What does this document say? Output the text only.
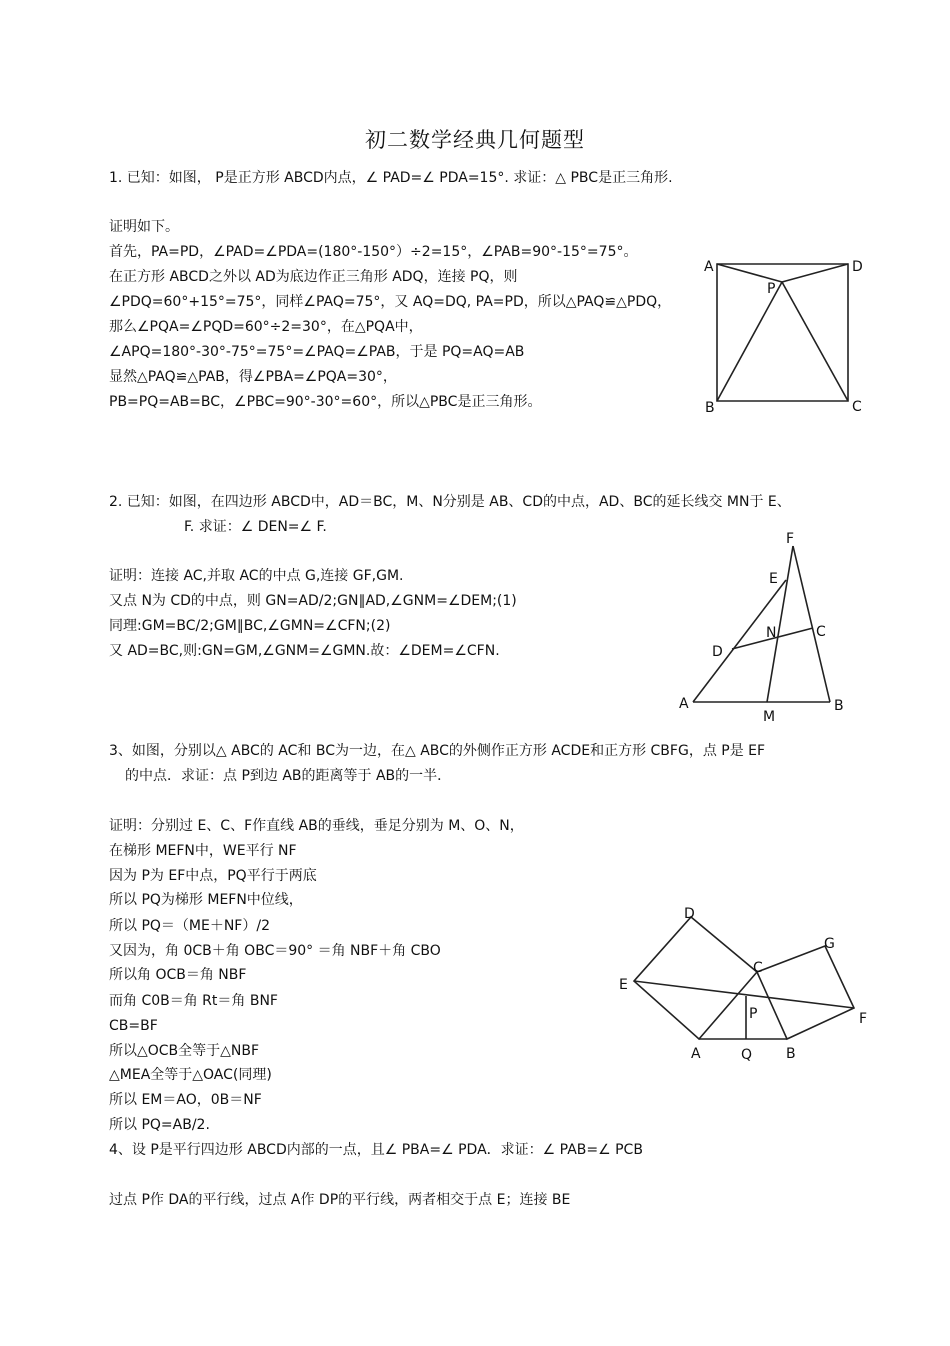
初二数学经典几何题型
1. 已知：如图， P是正方形 ABCD内点，∠ PAD=∠ PDA=15°. 求证：△ PBC是正三角形.
证明如下。
首先，PA=PD，∠PAD=∠PDA=(180°-150°）÷2=15°，∠PAB=90°-15°=75°。
在正方形 ABCD之外以 AD为底边作正三角形 ADQ，连接 PQ，则
∠PDQ=60°+15°=75°，同样∠PAQ=75°，又 AQ=DQ, PA=PD，所以△PAQ≌△PDQ，
那么∠PQA=∠PQD=60°÷2=30°，在△PQA中，
∠APQ=180°-30°-75°=75°=∠PAQ=∠PAB，于是 PQ=AQ=AB
显然△PAQ≌△PAB，得∠PBA=∠PQA=30°，
PB=PQ=AB=BC，∠PBC=90°-30°=60°，所以△PBC是正三角形。
A	D
P
B	C
2. 已知：如图，在四边形 ABCD中，AD＝BC，M、N分别是 AB、CD的中点，AD、BC的延长线交 MN于 E、
F. 求证：∠ DEN=∠ F.
证明：连接 AC,并取 AC的中点 G,连接 GF,GM.
又点 N为 CD的中点，则 GN=AD/2;GN∥AD,∠GNM=∠DEM;(1)
同理:GM=BC/2;GM∥BC,∠GMN=∠CFN;(2)
又 AD=BC,则:GN=GM,∠GNM=∠GMN.故：∠DEM=∠CFN.
F
E
N	C
D
A	B
M
3、如图，分别以△ ABC的 AC和 BC为一边，在△ ABC的外侧作正方形 ACDE和正方形 CBFG，点 P是 EF
的中点．求证：点 P到边 AB的距离等于 AB的一半．
证明：分别过 E、C、F作直线 AB的垂线，垂足分别为 M、O、N，
在梯形 MEFN中，WE平行 NF
因为 P为 EF中点，PQ平行于两底
所以 PQ为梯形 MEFN中位线，
所以 PQ＝（ME＋NF）/2
又因为，角 0CB＋角 OBC＝90° ＝角 NBF＋角 CBO
所以角 OCB＝角 NBF
而角 C0B＝角 Rt＝角 BNF
CB=BF
所以△OCB全等于△NBF
△MEA全等于△OAC(同理)
所以 EM＝AO，0B＝NF
所以 PQ=AB/2.
D
G
C
E
P	F
A	Q B
4、设 P是平行四边形 ABCD内部的一点，且∠ PBA=∠ PDA．求证：∠ PAB=∠ PCB
过点 P作 DA的平行线，过点 A作 DP的平行线，两者相交于点 E；连接 BE
